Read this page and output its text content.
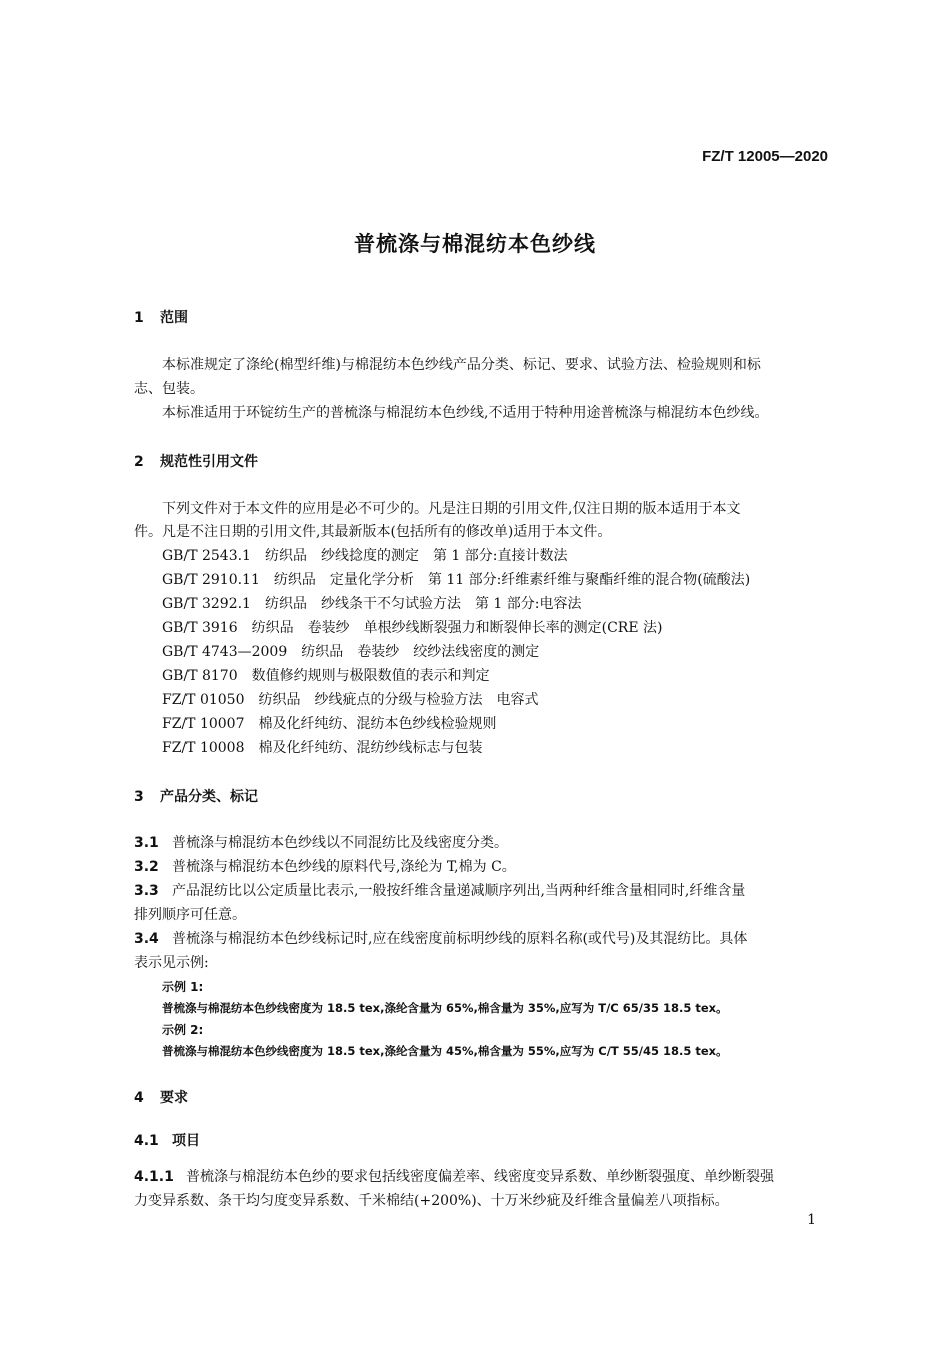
FZ/T 12005—2020
普梳涤与棉混纺本色纱线
1 范围
本标准规定了涤纶(棉型纤维)与棉混纺本色纱线产品分类、标记、要求、试验方法、检验规则和标
志、包装。
本标准适用于环锭纺生产的普梳涤与棉混纺本色纱线,不适用于特种用途普梳涤与棉混纺本色纱线。
2 规范性引用文件
下列文件对于本文件的应用是必不可少的。凡是注日期的引用文件,仅注日期的版本适用于本文
件。凡是不注日期的引用文件,其最新版本(包括所有的修改单)适用于本文件。
GB/T 2543.1　 纺织品　纱线捻度的测定　第 1 部分:直接计数法
GB/T 2910.11　 纺织品　定量化学分析　第 11 部分:纤维素纤维与聚酯纤维的混合物(硫酸法)
GB/T 3292.1　 纺织品　纱线条干不匀试验方法　第 1 部分:电容法
GB/T 3916　 纺织品　卷装纱　单根纱线断裂强力和断裂伸长率的测定(CRE 法)
GB/T 4743—2009　 纺织品　卷装纱　绞纱法线密度的测定
GB/T 8170　 数值修约规则与极限数值的表示和判定
FZ/T 01050　 纺织品　纱线疵点的分级与检验方法　电容式
FZ/T 10007　 棉及化纤纯纺、混纺本色纱线检验规则
FZ/T 10008　 棉及化纤纯纺、混纺纱线标志与包装
3 产品分类、标记
3.1 普梳涤与棉混纺本色纱线以不同混纺比及线密度分类。
3.2 普梳涤与棉混纺本色纱线的原料代号,涤纶为 T,棉为 C。
3.3 产品混纺比以公定质量比表示,一般按纤维含量递减顺序列出,当两种纤维含量相同时,纤维含量
排列顺序可任意。
3.4 普梳涤与棉混纺本色纱线标记时,应在线密度前标明纱线的原料名称(或代号)及其混纺比。具体
表示见示例:
示例 1:
普梳涤与棉混纺本色纱线密度为 18.5 tex,涤纶含量为 65%,棉含量为 35%,应写为 T/C 65/35 18.5 tex。
示例 2:
普梳涤与棉混纺本色纱线密度为 18.5 tex,涤纶含量为 45%,棉含量为 55%,应写为 C/T 55/45 18.5 tex。
4 要求
4.1 项目
4.1.1 普梳涤与棉混纺本色纱的要求包括线密度偏差率、线密度变异系数、单纱断裂强度、单纱断裂强
力变异系数、条干均匀度变异系数、千米棉结(+200%)、十万米纱疵及纤维含量偏差八项指标。
1
